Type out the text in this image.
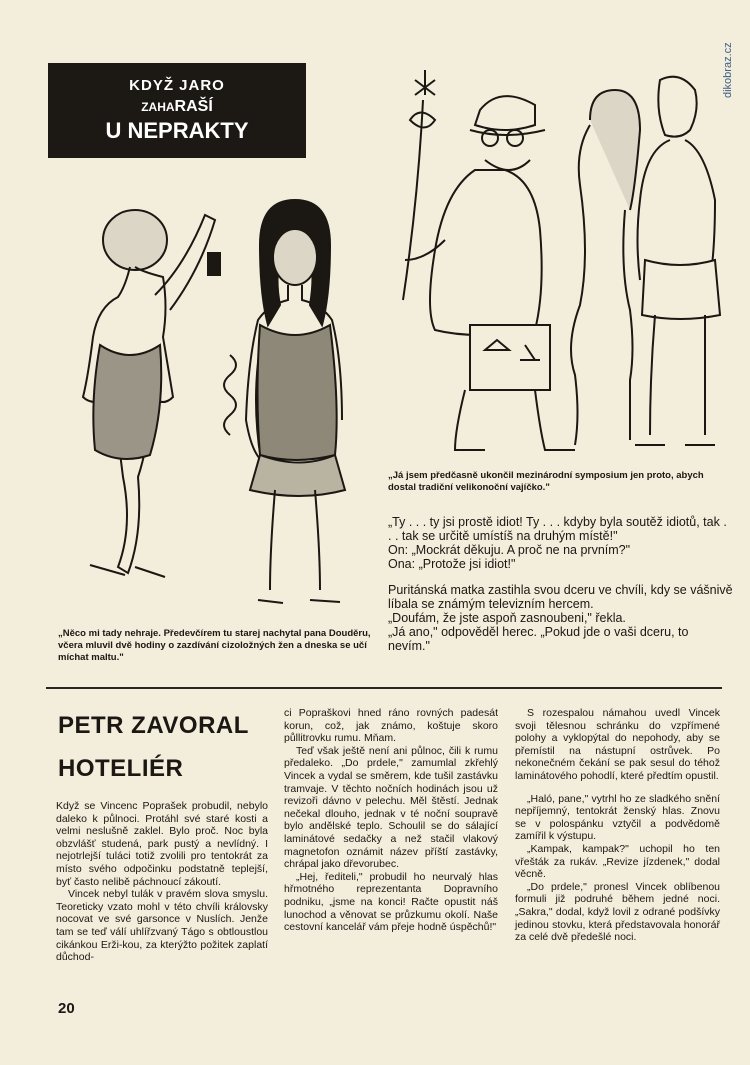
dikobraz.cz
KDYŽ JARO
ZAHARAŠÍ
U NEPRAKTY
„Něco mi tady nehraje. Předevčírem tu starej nachytal pana Douděru, včera mluvil dvě hodiny o zazdívání cizoložných žen a dneska se učí míchat maltu."
„Já jsem předčasně ukončil mezinárodní symposium jen proto, abych dostal tradiční velikonoční vajíčko."

„Ty . . . ty jsi prostě idiot! Ty . . . kdyby byla soutěž idiotů, tak . . . tak se určitě umístíš na druhým místě!"

On: „Mockrát děkuju. A proč ne na prvním?"

Ona: „Protože jsi idiot!"

Puritánská matka zastihla svou dceru ve chvíli, kdy se vášnivě líbala se známým televizním hercem.

„Doufám, že jste aspoň zasnoubeni," řekla.

„Já ano," odpověděl herec. „Pokud jde o vaši dceru, to nevím."

PETR ZAVORAL
HOTELIÉR

Když se Vincenc Poprašek probudil, nebylo daleko k půlnoci. Protáhl své staré kosti a velmi neslušně zaklel. Bylo proč. Noc byla obzvlášť studená, park pustý a nevlídný. I nejotrlejší tuláci totiž zvolili pro tentokrát za místo svého odpočinku podstatně teplejší, byť často nelibě páchnoucí zákoutí.

Vincek nebyl tulák v pravém slova smyslu. Teoreticky vzato mohl v této chvíli královsky nocovat ve své garsonce v Nuslích. Jenže tam se teď válí uhlířzvaný Tágo s obtloustlou cikánkou Erži-kou, za kterýžto požitek zaplatí důchod-

ci Popraškovi hned ráno rovných padesát korun, což, jak známo, koštuje skoro půllitrovku rumu. Mňam.

Teď však ještě není ani půlnoc, čili k rumu předaleko. „Do prdele," zamumlal zkřehlý Vincek a vydal se směrem, kde tušil zastávku tramvaje. V těchto nočních hodinách jsou už revizoři dávno v pelechu. Měl štěstí. Jednak nečekal dlouho, jednak v té noční soupravě bylo andělské teplo. Schoulil se do sálající laminátové sedačky a než stačil vlakový magnetofon oznámit název příští zastávky, chrápal jako dřevorubec.

„Hej, řediteli," probudil ho neurvalý hlas hřmotného reprezentanta Dopravního podniku, „jsme na konci! Račte opustit náš lunochod a věnovat se průzkumu okolí. Naše cestovní kancelář vám přeje hodně úspěchů!"

S rozespalou námahou uvedl Vincek svoji tělesnou schránku do vzpřímené polohy a vyklopýtal do nepohody, aby se přemístil na nástupní ostrůvek. Po nekonečném čekání se pak sesul do téhož laminátového pohodlí, které předtím opustil.

„Haló, pane," vytrhl ho ze sladkého snění nepříjemný, tentokrát ženský hlas. Znovu se v polospánku vztyčil a podvědomě zamířil k výstupu.

„Kampak, kampak?" uchopil ho ten vřešták za rukáv. „Revize jízdenek," dodal věcně.

„Do prdele," pronesl Vincek oblíbenou formuli již podruhé během jedné noci. „Sakra," dodal, když lovil z odrané podšívky jedinou stovku, která představovala honorář za celé dvě předešlé noci.

20
